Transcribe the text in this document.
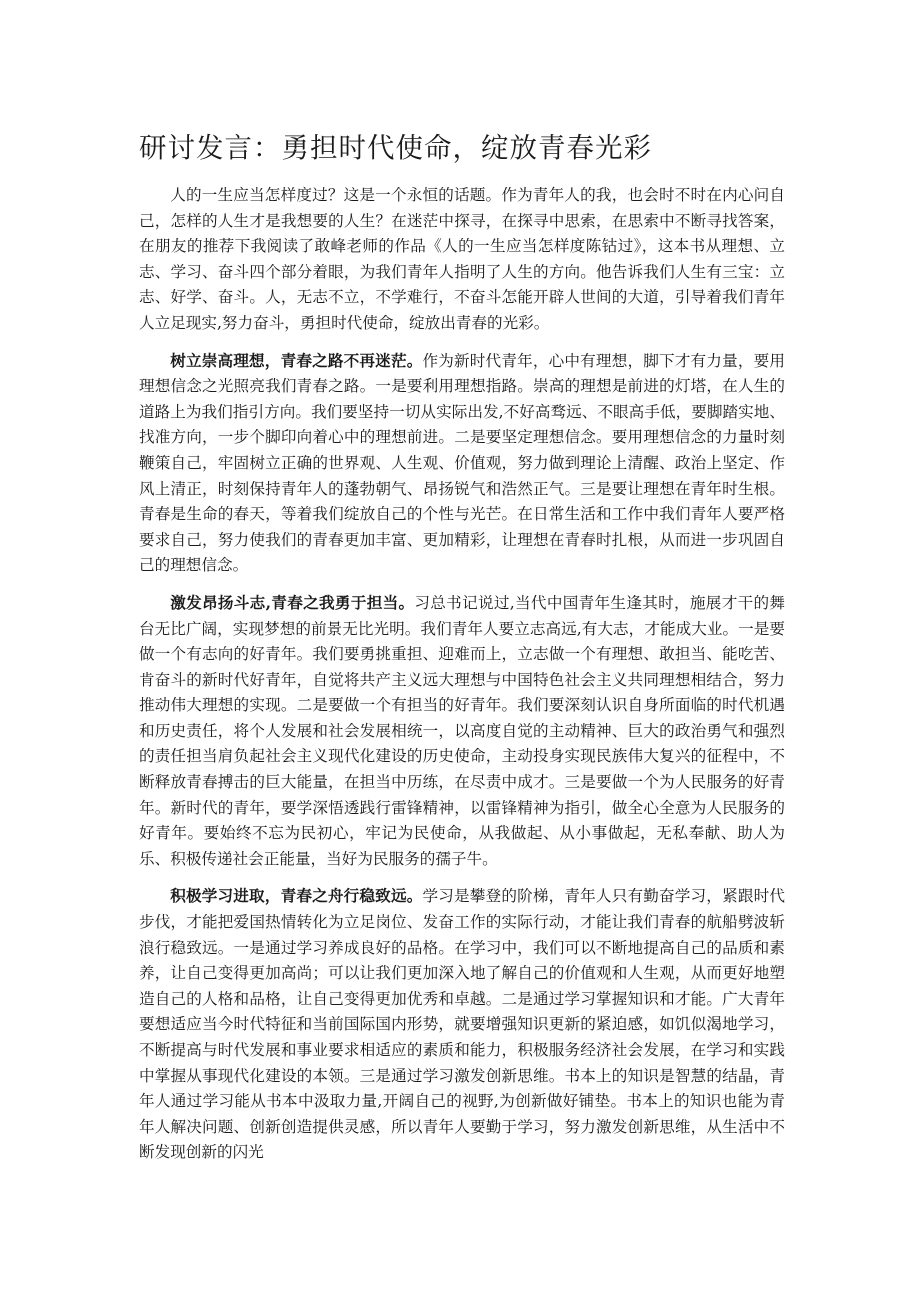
研讨发言：勇担时代使命，绽放青春光彩

人的一生应当怎样度过？这是一个永恒的话题。作为青年人的我，也会时不时在内心问自己，怎样的人生才是我想要的人生？在迷茫中探寻，在探寻中思索，在思索中不断寻找答案，在朋友的推荐下我阅读了敢峰老师的作品《人的一生应当怎样度陈钴过》，这本书从理想、立志、学习、奋斗四个部分着眼，为我们青年人指明了人生的方向。他告诉我们人生有三宝：立志、好学、奋斗。人，无志不立，不学难行，不奋斗怎能开辟人世间的大道，引导着我们青年人立足现实,努力奋斗，勇担时代使命，绽放出青春的光彩。

树立崇高理想，青春之路不再迷茫。作为新时代青年，心中有理想，脚下才有力量，要用理想信念之光照亮我们青春之路。一是要利用理想指路。崇高的理想是前进的灯塔，在人生的道路上为我们指引方向。我们要坚持一切从实际出发,不好高骛远、不眼高手低，要脚踏实地、找准方向，一步个脚印向着心中的理想前进。二是要坚定理想信念。要用理想信念的力量时刻鞭策自己，牢固树立正确的世界观、人生观、价值观，努力做到理论上清醒、政治上坚定、作风上清正，时刻保持青年人的蓬勃朝气、昂扬锐气和浩然正气。三是要让理想在青年时生根。青春是生命的春天，等着我们绽放自己的个性与光芒。在日常生活和工作中我们青年人要严格要求自己，努力使我们的青春更加丰富、更加精彩，让理想在青春时扎根，从而进一步巩固自己的理想信念。

激发昂扬斗志,青春之我勇于担当。习总书记说过,当代中国青年生逢其时，施展才干的舞台无比广阔，实现梦想的前景无比光明。我们青年人要立志高远,有大志，才能成大业。一是要做一个有志向的好青年。我们要勇挑重担、迎难而上，立志做一个有理想、敢担当、能吃苦、肯奋斗的新时代好青年，自觉将共产主义远大理想与中国特色社会主义共同理想相结合，努力推动伟大理想的实现。二是要做一个有担当的好青年。我们要深刻认识自身所面临的时代机遇和历史责任，将个人发展和社会发展相统一，以高度自觉的主动精神、巨大的政治勇气和强烈的责任担当肩负起社会主义现代化建设的历史使命，主动投身实现民族伟大复兴的征程中，不断释放青春搏击的巨大能量，在担当中历练，在尽责中成才。三是要做一个为人民服务的好青年。新时代的青年，要学深悟透践行雷锋精神，以雷锋精神为指引，做全心全意为人民服务的好青年。要始终不忘为民初心，牢记为民使命，从我做起、从小事做起，无私奉献、助人为乐、积极传递社会正能量，当好为民服务的孺子牛。

积极学习进取，青春之舟行稳致远。学习是攀登的阶梯，青年人只有勤奋学习，紧跟时代步伐，才能把爱国热情转化为立足岗位、发奋工作的实际行动，才能让我们青春的航船劈波斩浪行稳致远。一是通过学习养成良好的品格。在学习中，我们可以不断地提高自己的品质和素养，让自己变得更加高尚；可以让我们更加深入地了解自己的价值观和人生观，从而更好地塑造自己的人格和品格，让自己变得更加优秀和卓越。二是通过学习掌握知识和才能。广大青年要想适应当今时代特征和当前国际国内形势，就要增强知识更新的紧迫感，如饥似渴地学习，不断提高与时代发展和事业要求相适应的素质和能力，积极服务经济社会发展，在学习和实践中掌握从事现代化建设的本领。三是通过学习激发创新思维。书本上的知识是智慧的结晶，青年人通过学习能从书本中汲取力量,开阔自己的视野,为创新做好铺垫。书本上的知识也能为青年人解决问题、创新创造提供灵感，所以青年人要勤于学习，努力激发创新思维，从生活中不断发现创新的闪光
